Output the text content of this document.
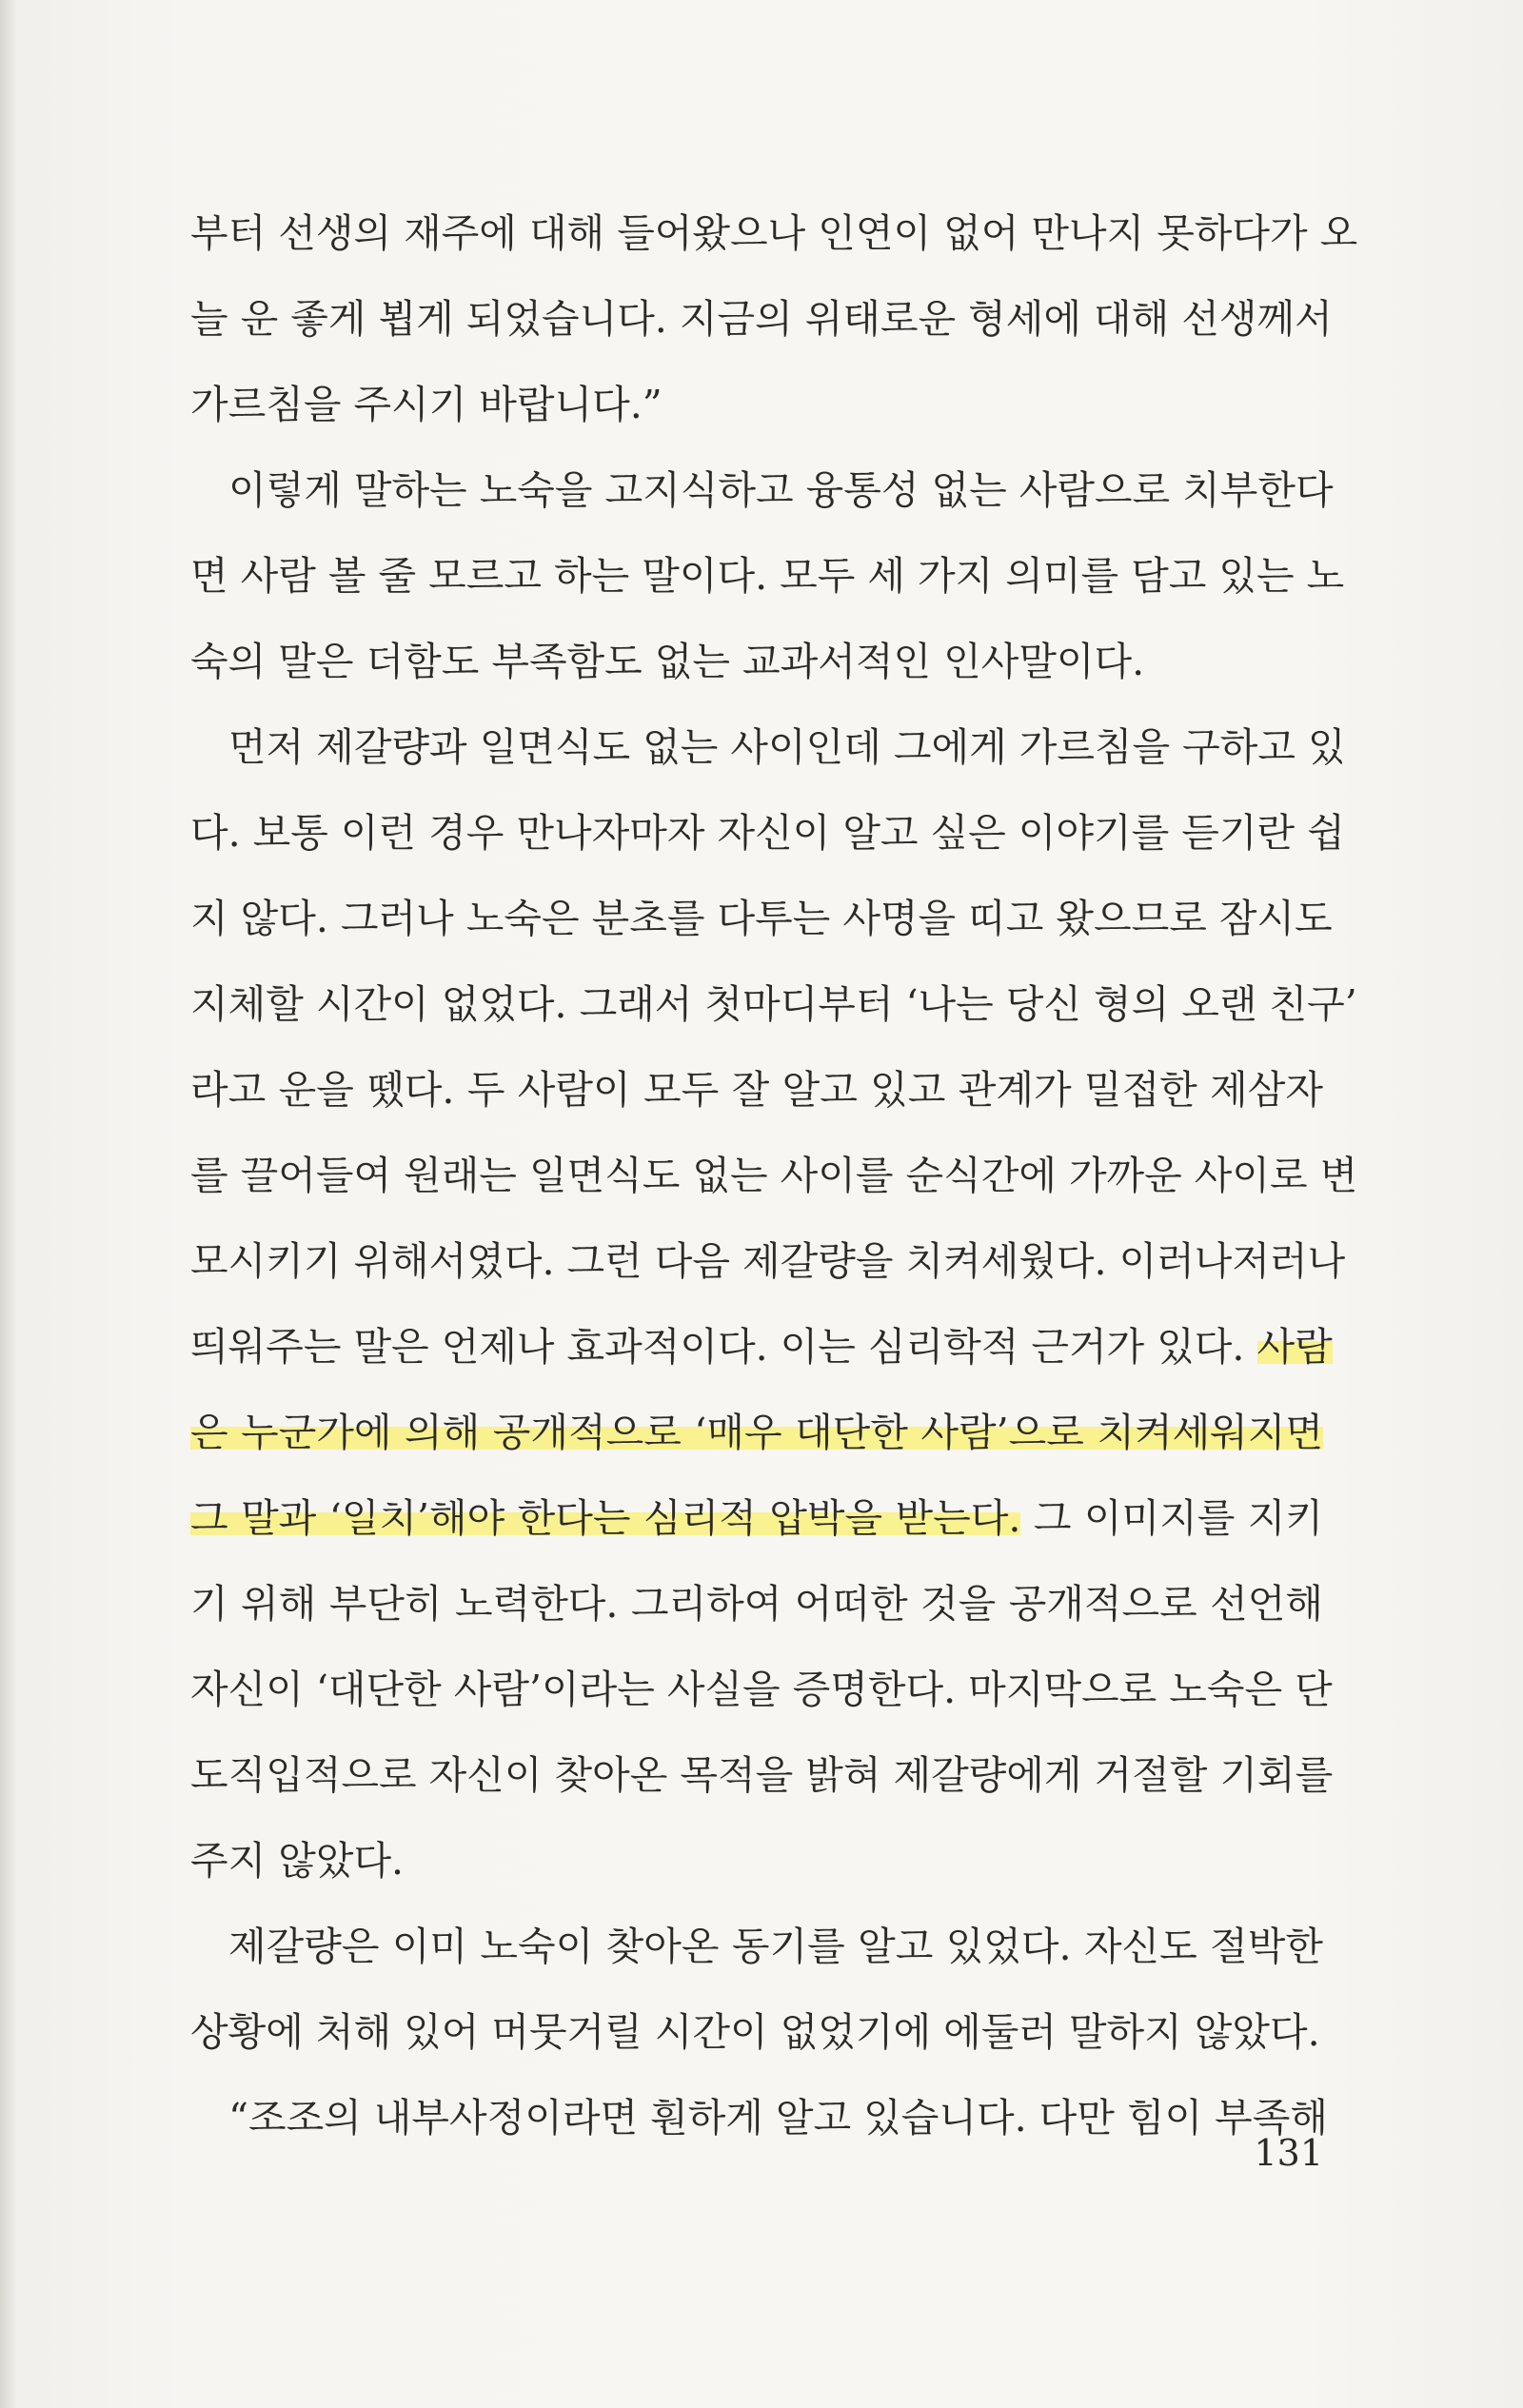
부터 선생의 재주에 대해 들어왔으나 인연이 없어 만나지 못하다가 오
늘 운 좋게 뵙게 되었습니다. 지금의 위태로운 형세에 대해 선생께서
가르침을 주시기 바랍니다.”
이렇게 말하는 노숙을 고지식하고 융통성 없는 사람으로 치부한다
면 사람 볼 줄 모르고 하는 말이다. 모두 세 가지 의미를 담고 있는 노
숙의 말은 더함도 부족함도 없는 교과서적인 인사말이다.
먼저 제갈량과 일면식도 없는 사이인데 그에게 가르침을 구하고 있
다. 보통 이런 경우 만나자마자 자신이 알고 싶은 이야기를 듣기란 쉽
지 않다. 그러나 노숙은 분초를 다투는 사명을 띠고 왔으므로 잠시도
지체할 시간이 없었다. 그래서 첫마디부터 ‘나는 당신 형의 오랜 친구’
라고 운을 뗐다. 두 사람이 모두 잘 알고 있고 관계가 밀접한 제삼자
를 끌어들여 원래는 일면식도 없는 사이를 순식간에 가까운 사이로 변
모시키기 위해서였다. 그런 다음 제갈량을 치켜세웠다. 이러나저러나
띄워주는 말은 언제나 효과적이다. 이는 심리학적 근거가 있다. 사람
은 누군가에 의해 공개적으로 ‘매우 대단한 사람’으로 치켜세워지면
그 말과 ‘일치’해야 한다는 심리적 압박을 받는다. 그 이미지를 지키
기 위해 부단히 노력한다. 그리하여 어떠한 것을 공개적으로 선언해
자신이 ‘대단한 사람’이라는 사실을 증명한다. 마지막으로 노숙은 단
도직입적으로 자신이 찾아온 목적을 밝혀 제갈량에게 거절할 기회를
주지 않았다.
제갈량은 이미 노숙이 찾아온 동기를 알고 있었다. 자신도 절박한
상황에 처해 있어 머뭇거릴 시간이 없었기에 에둘러 말하지 않았다.
“조조의 내부사정이라면 훤하게 알고 있습니다. 다만 힘이 부족해
131
